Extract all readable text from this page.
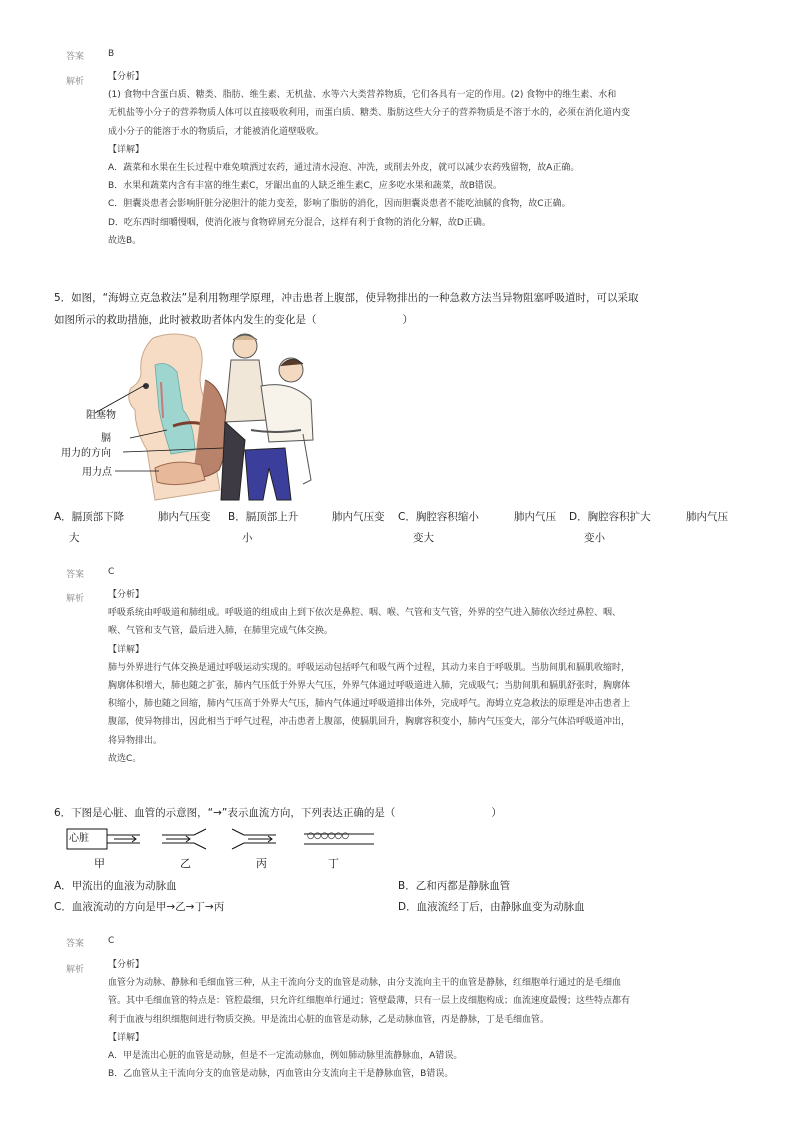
答案	B
解析	【分析】
(1) 食物中含蛋白质、糖类、脂肪、维生素、无机盐、水等六大类营养物质，它们各具有一定的作用。(2) 食物中的维生素、水和
无机盐等小分子的营养物质人体可以直接吸收利用，而蛋白质、糖类、脂肪这些大分子的营养物质是不溶于水的，必须在消化道内变
成小分子的能溶于水的物质后，才能被消化道壁吸收。
【详解】
A．蔬菜和水果在生长过程中难免喷洒过农药，通过清水浸泡、冲洗，或削去外皮，就可以减少农药残留物，故A正确。
B．水果和蔬菜内含有丰富的维生素C，牙龈出血的人缺乏维生素C，应多吃水果和蔬菜，故B错误。
C．胆囊炎患者会影响肝脏分泌胆汁的能力变差，影响了脂肪的消化，因而胆囊炎患者不能吃油腻的食物，故C正确。
D．吃东西时细嚼慢咽，使消化液与食物碎屑充分混合，这样有利于食物的消化分解，故D正确。
故选B。
5．如图，“海姆立克急救法”是利用物理学原理，冲击患者上腹部，使异物排出的一种急救方法当异物阻塞呼吸道时，可以采取
如图所示的救助措施，此时被救助者体内发生的变化是（	）
阻塞物
膈
用力的方向
用力点
A．膈顶部下降	肺内气压变
大
B．膈顶部上升	肺内气压变
小
C．胸腔容积缩小	肺内气压
变大
D．胸腔容积扩大	肺内气压
变小
答案	C
解析	【分析】
呼吸系统由呼吸道和肺组成。呼吸道的组成由上到下依次是鼻腔、咽、喉、气管和支气管，外界的空气进入肺依次经过鼻腔、咽、
喉、气管和支气管，最后进入肺，在肺里完成气体交换。
【详解】
肺与外界进行气体交换是通过呼吸运动实现的。呼吸运动包括呼气和吸气两个过程，其动力来自于呼吸肌。当肋间肌和膈肌收缩时，
胸廓体积增大，肺也随之扩张，肺内气压低于外界大气压，外界气体通过呼吸道进入肺，完成吸气；当肋间肌和膈肌舒张时，胸廓体
积缩小，肺也随之回缩，肺内气压高于外界大气压，肺内气体通过呼吸道排出体外，完成呼气。海姆立克急救法的原理是冲击患者上
腹部，使异物排出，因此相当于呼气过程，冲击患者上腹部，使膈肌回升，胸廓容积变小，肺内气压变大，部分气体沿呼吸道冲出，
将异物排出。
故选C。
6．下图是心脏、血管的示意图，“→”表示血流方向，下列表达正确的是（	）
心脏	○○○○○○
甲	乙	丙	丁
A．甲流出的血液为动脉血	B．乙和丙都是静脉血管
C．血液流动的方向是甲→乙→丁→丙	D．血液流经丁后，由静脉血变为动脉血
答案	C
解析	【分析】
血管分为动脉、静脉和毛细血管三种，从主干流向分支的血管是动脉，由分支流向主干的血管是静脉，红细胞单行通过的是毛细血
管。其中毛细血管的特点是：管腔最细，只允许红细胞单行通过；管壁最薄，只有一层上皮细胞构成；血流速度最慢；这些特点都有
利于血液与组织细胞间进行物质交换。甲是流出心脏的血管是动脉，乙是动脉血管，丙是静脉，丁是毛细血管。
【详解】
A．甲是流出心脏的血管是动脉，但是不一定流动脉血，例如肺动脉里流静脉血，A错误。
B．乙血管从主干流向分支的血管是动脉，丙血管由分支流向主干是静脉血管，B错误。
